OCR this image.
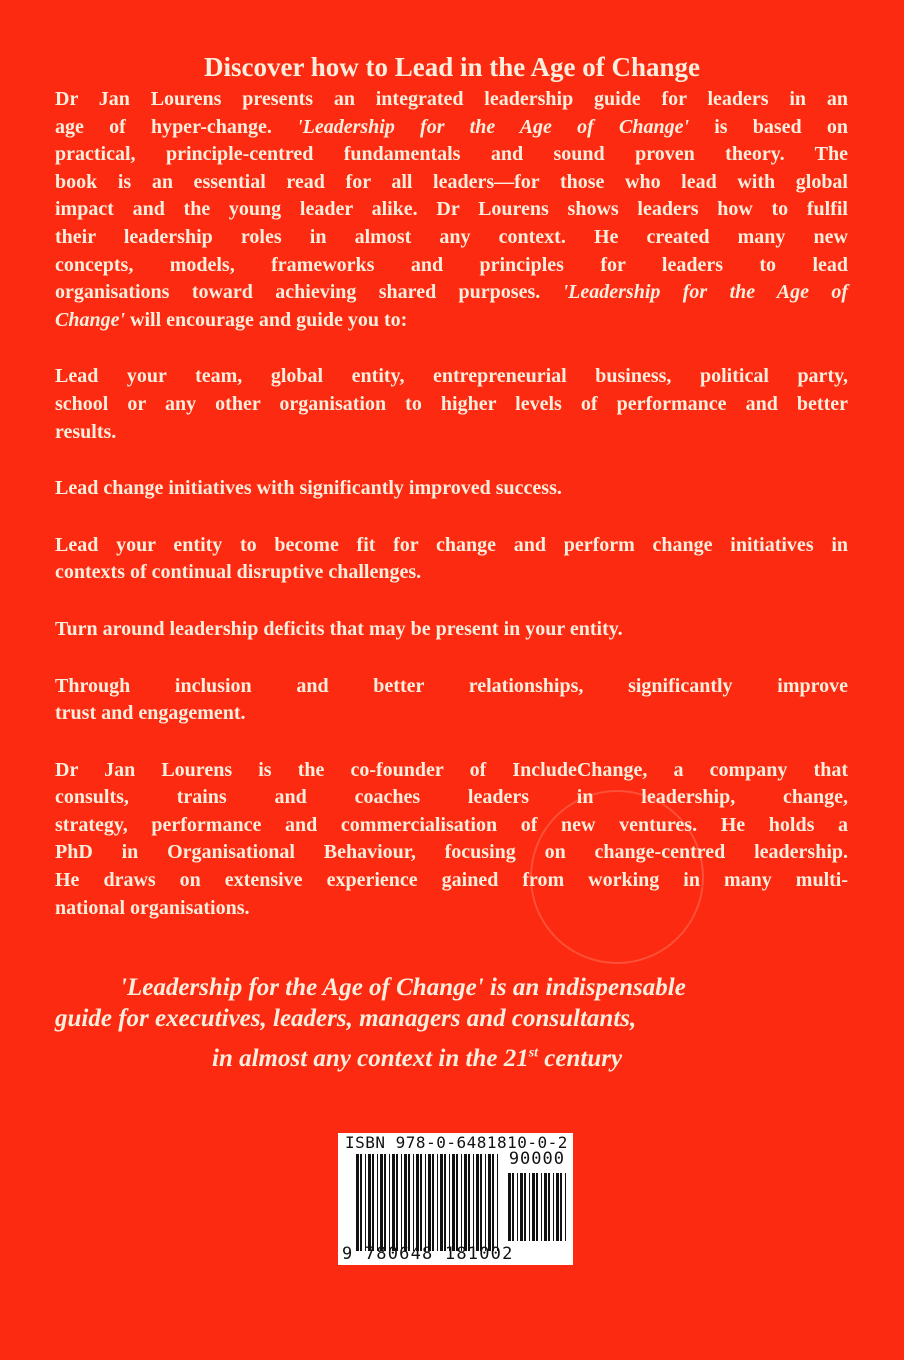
Discover how to Lead in the Age of Change
Dr Jan Lourens presents an integrated leadership guide for leaders in an
age of hyper-change. 'Leadership for the Age of Change' is based on
practical, principle-centred fundamentals and sound proven theory. The
book is an essential read for all leaders—for those who lead with global
impact and the young leader alike. Dr Lourens shows leaders how to fulfil
their leadership roles in almost any context. He created many new
concepts, models, frameworks and principles for leaders to lead
organisations toward achieving shared purposes. 'Leadership for the Age of
Change' will encourage and guide you to:
Lead your team, global entity, entrepreneurial business, political party,
school or any other organisation to higher levels of performance and better
results.
Lead change initiatives with significantly improved success.
Lead your entity to become fit for change and perform change initiatives in
contexts of continual disruptive challenges.
Turn around leadership deficits that may be present in your entity.
Through inclusion and better relationships, significantly improve
trust and engagement.
Dr Jan Lourens is the co-founder of IncludeChange, a company that
consults, trains and coaches leaders in leadership, change,
strategy, performance and commercialisation of new ventures. He holds a
PhD in Organisational Behaviour, focusing on change-centred leadership.
He draws on extensive experience gained from working in many multi-
national organisations.
'Leadership for the Age of Change' is an indispensable
guide for executives, leaders, managers and consultants,
in almost any context in the 21st century
ISBN 978-0-6481810-0-2
90000
9 780648 181002
